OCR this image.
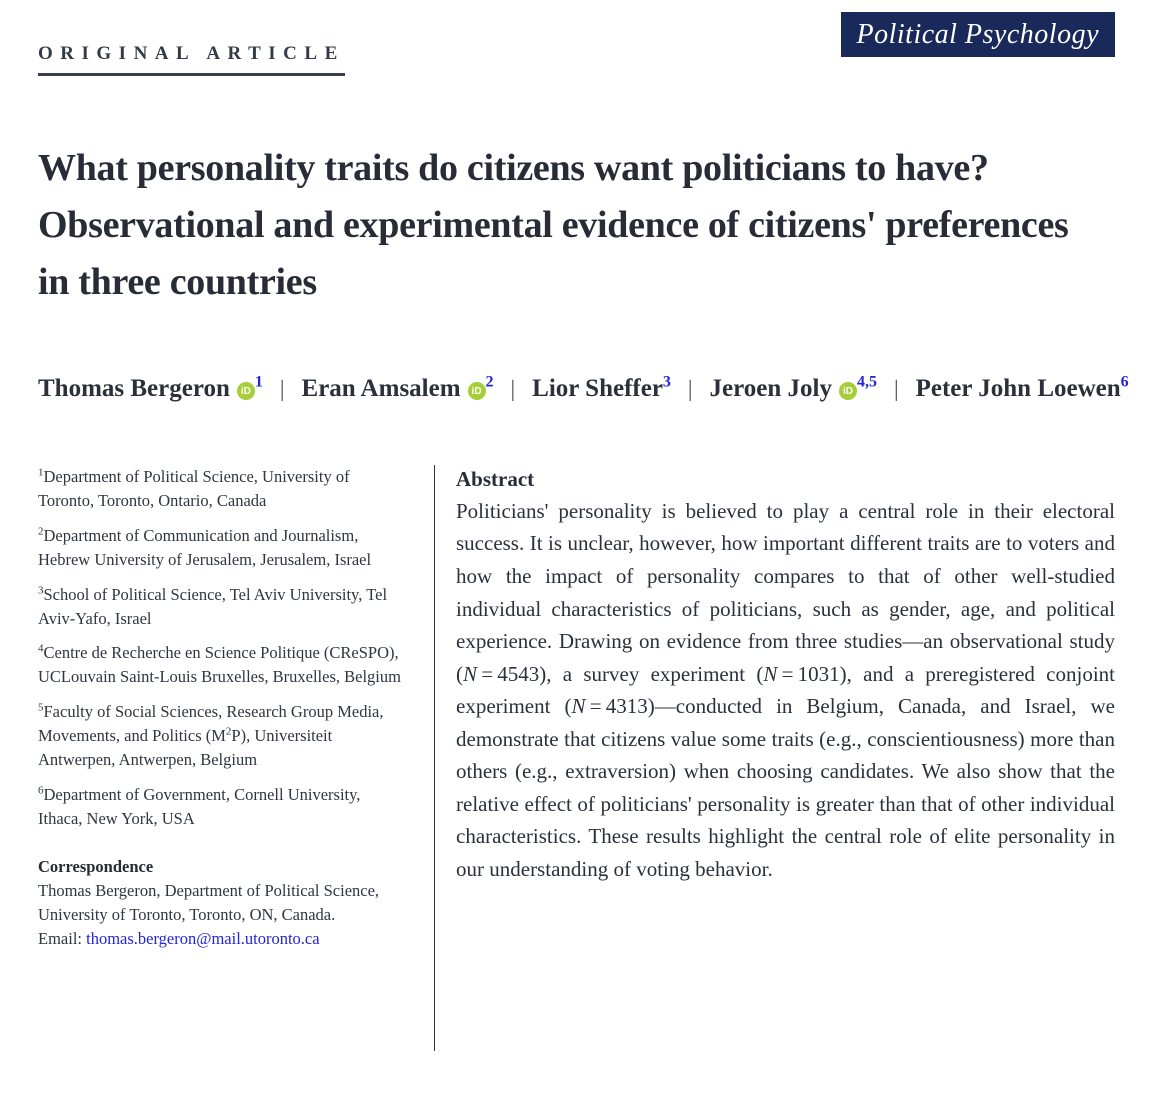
ORIGINAL ARTICLE
Political Psychology
What personality traits do citizens want politicians to have? Observational and experimental evidence of citizens' preferences in three countries
Thomas Bergeron $iD^1$ | Eran Amsalem $iD^2$ | Lior Sheffer$^3$ | Jeroen Joly iD$^{4,5}$ | Peter John Loewen$^6$

$^1$Department of Political Science, University of Toronto, Toronto, Ontario, Canada

$^2$Department of Communication and Journalism, Hebrew University of Jerusalem, Jerusalem, Israel

$^3$School of Political Science, Tel Aviv University, Tel Aviv-Yafo, Israel

$^4$Centre de Recherche en Science Politique (CReSPO), UCLouvain Saint-Louis Bruxelles, Bruxelles, Belgium

$^5$Faculty of Social Sciences, Research Group Media, Movements, and Politics $(M^2P)$, Universiteit Antwerpen, Antwerpen, Belgium

$^6$Department of Government, Cornell University, Ithaca, New York, USA

Correspondence

Thomas Bergeron, Department of Political Science, University of Toronto, Toronto, ON, Canada.
Email: thomas.bergeron@mail.utoronto.ca

Abstract

Politicians' personality is believed to play a central role in their electoral success. It is unclear, however, how important different traits are to voters and how the impact of personality compares to that of other well-studied individual characteristics of politicians, such as gender, age, and political experience. Drawing on evidence from three studies—an observational study (N = 4543), a survey experiment (N = 1031), and a preregistered conjoint experiment (N = 4313)—conducted in Belgium, Canada, and Israel, we demonstrate that citizens value some traits (e.g., conscientiousness) more than others (e.g., extraversion) when choosing candidates. We also show that the relative effect of politicians' personality is greater than that of other individual characteristics. These results highlight the central role of elite personality in our understanding of voting behavior.
